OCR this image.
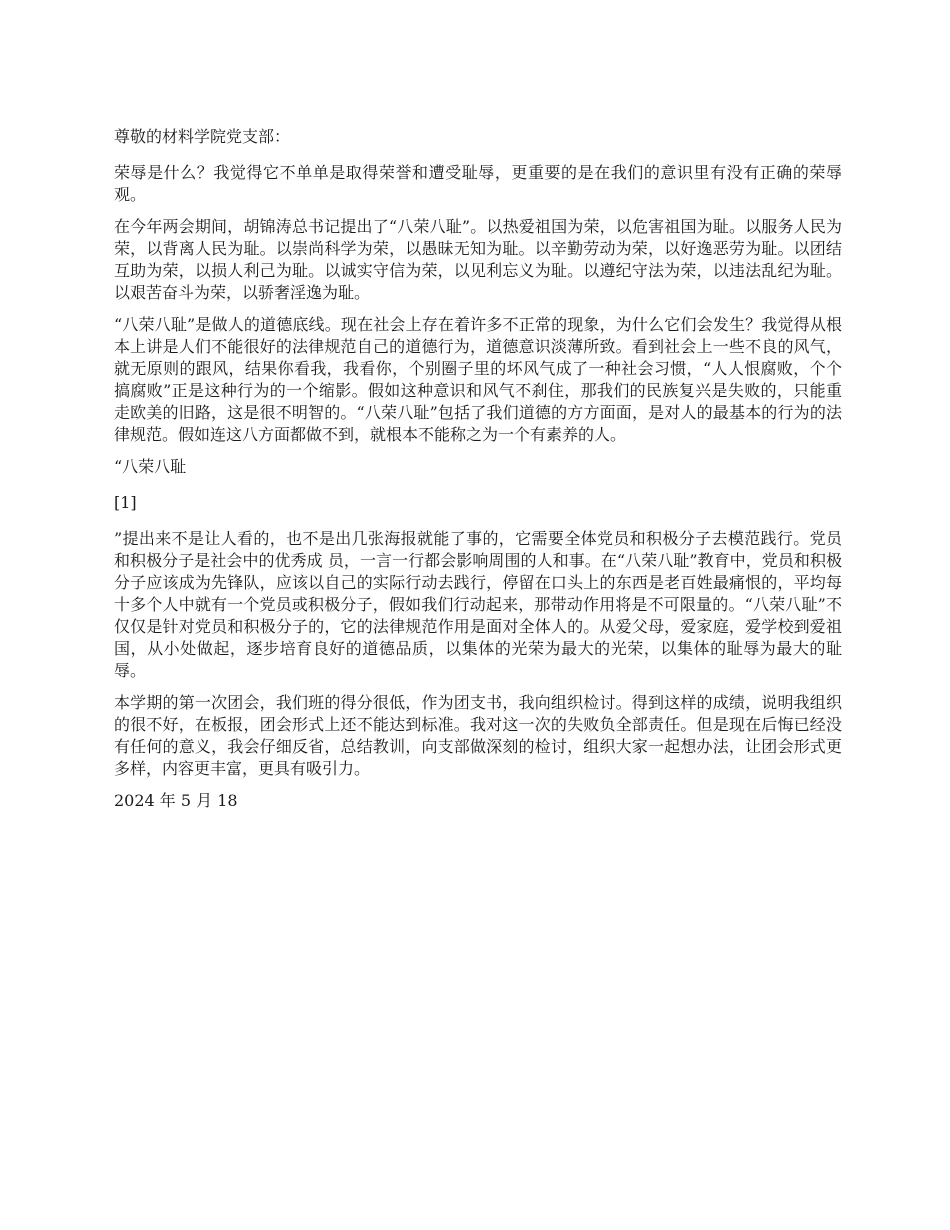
尊敬的材料学院党支部：

荣辱是什么？我觉得它不单单是取得荣誉和遭受耻辱，更重要的是在我们的意识里有没有正确的荣辱观。

在今年两会期间，胡锦涛总书记提出了“八荣八耻”。以热爱祖国为荣，以危害祖国为耻。以服务人民为荣，以背离人民为耻。以崇尚科学为荣，以愚昧无知为耻。以辛勤劳动为荣，以好逸恶劳为耻。以团结互助为荣，以损人利己为耻。以诚实守信为荣，以见利忘义为耻。以遵纪守法为荣，以违法乱纪为耻。以艰苦奋斗为荣，以骄奢淫逸为耻。

“八荣八耻”是做人的道德底线。现在社会上存在着许多不正常的现象，为什么它们会发生？我觉得从根本上讲是人们不能很好的法律规范自己的道德行为，道德意识淡薄所致。看到社会上一些不良的风气，就无原则的跟风，结果你看我，我看你，个别圈子里的坏风气成了一种社会习惯，“人人恨腐败，个个搞腐败”正是这种行为的一个缩影。假如这种意识和风气不刹住，那我们的民族复兴是失败的，只能重走欧美的旧路，这是很不明智的。“八荣八耻”包括了我们道德的方方面面，是对人的最基本的行为的法律规范。假如连这八方面都做不到，就根本不能称之为一个有素养的人。

“八荣八耻

[1]

”提出来不是让人看的，也不是出几张海报就能了事的，它需要全体党员和积极分子去模范践行。党员和积极分子是社会中的优秀成 员，一言一行都会影响周围的人和事。在“八荣八耻”教育中，党员和积极分子应该成为先锋队，应该以自己的实际行动去践行，停留在口头上的东西是老百姓最痛恨的，平均每十多个人中就有一个党员或积极分子，假如我们行动起来，那带动作用将是不可限量的。“八荣八耻”不仅仅是针对党员和积极分子的，它的法律规范作用是面对全体人的。从爱父母，爱家庭，爱学校到爱祖国，从小处做起，逐步培育良好的道德品质，以集体的光荣为最大的光荣，以集体的耻辱为最大的耻辱。

本学期的第一次团会，我们班的得分很低，作为团支书，我向组织检讨。得到这样的成绩，说明我组织的很不好，在板报，团会形式上还不能达到标准。我对这一次的失败负全部责任。但是现在后悔已经没有任何的意义，我会仔细反省，总结教训，向支部做深刻的检讨，组织大家一起想办法，让团会形式更多样，内容更丰富，更具有吸引力。

2024 年 5 月 18
